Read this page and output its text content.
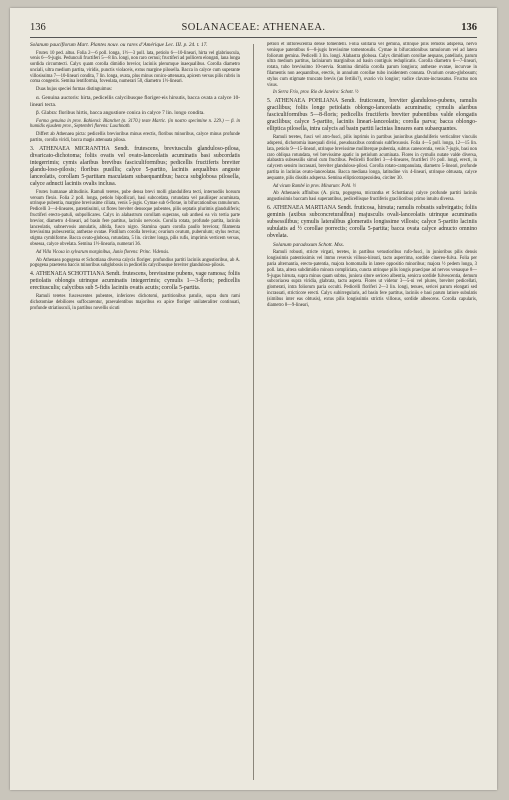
136	SOLANACEAE: ATHENAEA.	136

Solanum pauciflorum Mart. Plantes nouv. ou rares d’Amérique Lec. III. p. 24. t. 17.

Frutex 10 ped. altus. Folia 2—6 poll. longa, 1½—3 poll. lata, petiolo 6—10-lineari, hirta vel glabriuscula, venis 6—9-jugis. Pedunculi fructiferi 5—8 lin. longi, non raro cernui; fructiferi ad pollicem elongati, lana longa sordida circumtecti. Calyx quam corolla dimidio brevior, laciniis plerumque inaequalibus. Corolla diametro unciali, ultra medium partita, viridis, punctis violaceis, extus margine pilosella. Bacca in calyce cum superante villosissima 7—10-lineari condita, 7 lin. longa, ovata, plus minus conico-attenuata, apicem versus pilis rubris in coma congestis. Semina lentiformia, foveolata, numerari 50, diametro 1½-lineari.

Duas hujus speciei formas distinguimus:

α. Genuina auctoris: hirta, pedicellis calycibusque floriger-eis hirsutis, bacca ovata a calyce 10-lineari tecta.

β. Glabra: floribus hirtis, bacca angustiore conica in calyce 7 lin. longo condita.

Forma genuina in prov. Bahiensi: Blanchet (n. 3170.) teste Martic. (in nostro specimine n. 229.) — β. in humidis ejusdem prov., Septembri florens: Luschnath.

Differt ab Athenaea picta: pedicellis brevioribus minus erectis, floribus minoribus, calyce minus profunde partito, corolla viridi, bacca magis attenuata pilosa.

3. ATHENAEA MICRANTHA Sendt. frutescens, breviusculis glanduloso-pilosa, divaricato-dichotoma; foliis ovatis vel ovato-lanceolatis acuminatis basi subcordatis integerrimis; cymis alaribus brevibus fasciculiformibus; pedicellis fructiferis breviter glandu-loso-pilosis; floribus pusillis; calyce 5-partito, laciniis aequalibus anguste lanceolatis, corollam 5-partitam maculatam subaequantibus; bacca subglobosa pilosella, calyce adnucti laciniis ovalis inclusa.

Frutex humanae altitudinis. Ramuli teretes, pube densa brevi molli glandulifera tecti, internodiis horsum versum flexis. Folia 2 poll. longa, petiolo bipollicari, basi subcordata, rotundata vel pauliisper acuminata, utrinque pubentia, margine breviusime ciliata, venis 5-jugis. Cymae sub 6-florae, in bifurcationibus ramulorum. Pedicelli 3—4-lineares, patentissimi, ut flores breviter densoque pubentes, pilis septatis plurimis glanduliferis; fructiferi erecto-patuli, subpollicares. Calyx in alabastrum corollam superans, sub anthesi ea vix tertia parte brevior, diametro 4-lineari, ad basin fere partitus, laciniis nervosis. Corolla rotata, profunde partita, laciniis lanceolatis, subnervosis annulatis, albida, fusco nigro. Stamina quam corolla paullo breviora; filamenta brevissima pubescentia; antherae ovatae. Pistillum corolla brevius; ovarium ovatum, puberulum; stylus rectus; stigma cymbiforme. Bacca ovato-globosa, rotundata, 5 lin. circiter longa, pilis rufis, imprimis verticem versus, obsessa, calyce obvelata. Semina 1½-linearia, numerari 36.

Ad Villa Vicosa in sylvarum marginibus, Junio florens: Princ. Vidensis.

Ab Athenaea pogogena et Schottiana diversa calycis floriger. profundius partiti laciniis angustioribus, ab A. pogogena praeterea baccis minoribus subglobosis in pedicellis calycibusque breviter glanduloso-pilosis.

4. ATHENAEA SCHOTTIANA Sendt. frutescens, breviusime pubens, vage ramosa; foliis petiolatis oblongis utrinque acuminatis integerrimis; cymulis 1—3-floris; pedicellis erectiusculis; calycibus sub 5-fidis laciniis ovatis acutis; corolla 5-partita.

Ramuli teretes fuscescentes pubentes, inferiores dichotomi, partitionibus patulis, supra dum rami dichotomiae debiliores suffocarentur, praevalentibus majoribus ex apice floriger unilateraliter continuati, profunde striatiusculi, in partibus novellis sicuti

petioli et inflorescentia dense tomentelli. Folia solitaria vel gemina, utrinque pilis remotis adspersa, nervo venisque patentibus 6—8-jugis brevissime tomentosulis. Cymae in bifurcationibus ramulorum vel ad latera foliorum gemina. Pedicelli 3 lin. longi. Alabastra globosa. Calyx dimidium corollae aequans, patellaris, parum ultra medium partitus, laciniarum marginibus ad basin contiguis reduplicatis. Corolla diametro 6—7-lineari, rotata, tubo brevissimo 10-nervia. Stamina dimidia corolla parum longiora; antherae ovatae, incurvae in filamentis non aequantibus, erectis, in annulum corollae tubo insidentem connata. Ovarium ovato-globosum; stylus cum stigmate truncato brevis (an fertilis?), ovario vix longior; vadice clavato-incrassatus. Fructus non visus.

In Serra Frio, prov. Rio de Janeiro: Schott. ½

5. ATHENAEA POHLIANA Sendt. fruticosum, breviter glanduloso-pubens, ramulis gracilibus; foliis longe petiolatis oblongo-lanceolatis acuminatis; cymulis alaribus fasciculiformibus 5—8-floris; pedicellis fructiferis breviter pubentibus valde elongatis gracilibus; calyce 5-partito, laciniis lineari-lanceolatis; corolla parva; bacca oblongo-elliptica pilosella, intra calycis ad basin partiti lacinias lineares eam subaequantes.

Ramuli teretes, fusci vel atro-fusci, pilis inprimis in partibus junioribus glanduliferis verticaliter vinculis adspersi, dichotomia inaequali divisi, pseudoaxibus continuis subflexuosis. Folia 4—5 poll. longa, 12—15 lin. lata, petiolo 9—15-lineari, utrinque brevissime molliterque pubentia, subtus canescentia, venis 7-jugis, basi non raro obliqua rotundata, vel brevissime apatic in petiolum acuminata. Flores in cymulis nutate valde diversa, alabastra subsessilis simul cum fructibus. Pedicelli floriferi 3—4-lineares, fructiferi 1½ poll. longi, erecti, in calycem sensim incrassati, breviter glanduloso-pilosi. Corolla rotato-campanulata, diametro 5-lineari, profunde partita in lacinias ovato-lanceolatas. Bacca mediana longa, latitudine vix 4-lineari, utrinque obtusata, calyce aequante, pilis dissitis adspersa. Semina ellipticotrapezoidea, circiter 30.

Ad vicum Rambé in prov. Minarum: Pohl. ½

Ab Athenaeis affinibus (A. picta, pogogena, micrantha et Schottiana) calyce profunde partiti laciniis angustissimis baccam basi superantibus, pedicellisque fructiferis gracilioribus primo intuitu diversa.

6. ATHENAEA MARTIANA Sendt. fruticosa, hirsuta; ramulis robustis subvirgatis; foliis geminis (axibus subconcreturalibus) majusculis ovali-lanceolatis utrinque acuminatis subsessilibus; cymulis lateralibus glomeratis longissime villosis; calyce 5-partito laciniis subulatis ad ½ corollae porrectis; corolla 5-partita; bacca ovata calyce adnucto omnino obvelata.

Solanum paradoxum Schott. Mss.

Ramuli robusti, stricte virgati, teretes, in partibus vetustioribus rufo-fusci, in junioribus pilis densis longissimis patentissimis vel immo reversis villoso-hirsuti, tacto asperrima, sordide cinereo-fulva. Folia per paria alternantia, erecto-patentia, majora homomalla in latere oppositio minoribus; majora ½ pedem longa, 3 poll. lata, altera subdimidio minora compliciata, cuncta utrinque pilis longis praecipue ad nervos venasque 8—9-jugas hirsuta, supra minus quam subtus, juniora sitore sericeo albentia, senicra sordide fulvescentia, demum subcoriacea supra viridia, glabrata, tactu aspera. Flores ut videtur 3—5-ni vel plures, breviter pedicellati, glomerati, intra foliorum paria occulti. Pedicelli floriferi 2—3 lin. longi, tenues, sericei parum elongati sed incrassati, stricticore erecti. Calyx subirregularis, ad basin fere partitus, laciniis e basi parum latiore subulatis (simibus inter eas obtusis), extus pilis longissimis strictis villosus, sordide albescens. Corolla capularis, diametro 8—9-lineari,
